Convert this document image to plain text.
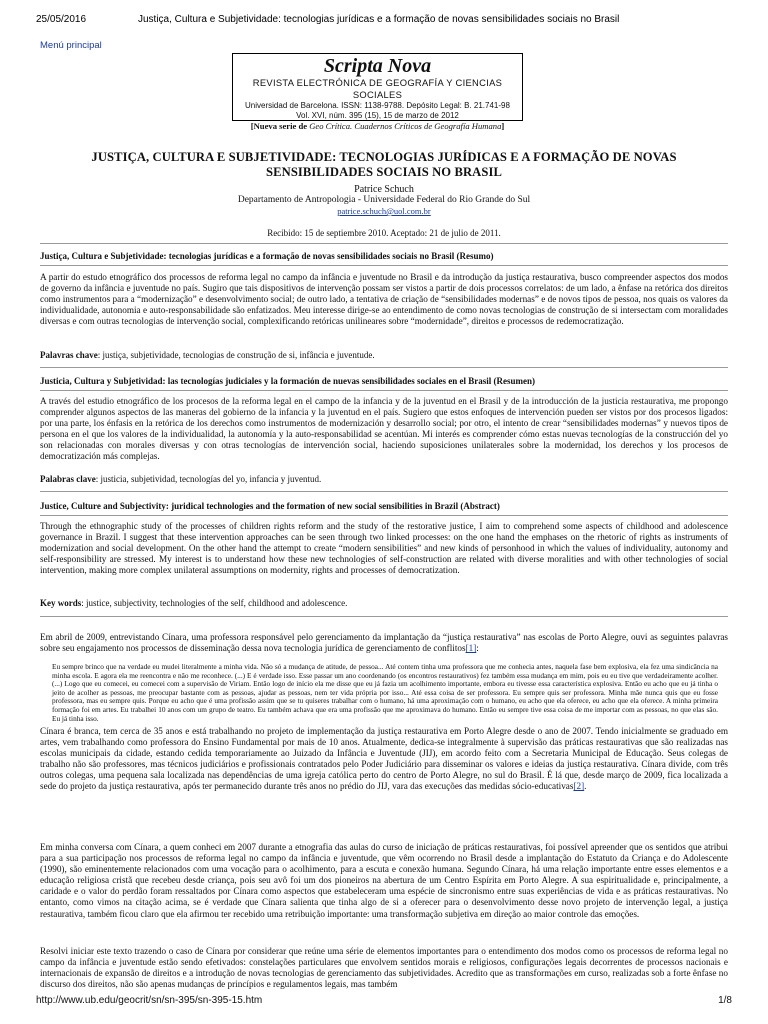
25/05/2016	Justiça, Cultura e Subjetividade: tecnologias jurídicas e a formação de novas sensibilidades sociais no Brasil
Menú principal
Scripta Nova
REVISTA ELECTRÓNICA DE GEOGRAFÍA Y CIENCIAS SOCIALES
Universidad de Barcelona. ISSN: 1138-9788. Depósito Legal: B. 21.741-98
Vol. XVI, núm. 395 (15), 15 de marzo de 2012
[Nueva serie de Geo Crítica. Cuadernos Críticos de Geografía Humana]
JUSTIÇA, CULTURA E SUBJETIVIDADE: TECNOLOGIAS JURÍDICAS E A FORMAÇÃO DE NOVAS SENSIBILIDADES SOCIAIS NO BRASIL
Patrice Schuch
Departamento de Antropologia - Universidade Federal do Rio Grande do Sul
patrice.schuch@uol.com.br
Recibido: 15 de septiembre 2010. Aceptado: 21 de julio de 2011.
Justiça, Cultura e Subjetividade: tecnologias jurídicas e a formação de novas sensibilidades sociais no Brasil (Resumo)
A partir do estudo etnográfico dos processos de reforma legal no campo da infância e juventude no Brasil e da introdução da justiça restaurativa, busco compreender aspectos dos modos de governo da infância e juventude no país. Sugiro que tais dispositivos de intervenção possam ser vistos a partir de dois processos correlatos: de um lado, a ênfase na retórica dos direitos como instrumentos para a “modernização” e desenvolvimento social; de outro lado, a tentativa de criação de “sensibilidades modernas” e de novos tipos de pessoa, nos quais os valores da individualidade, autonomia e auto-responsabilidade são enfatizados. Meu interesse dirige-se ao entendimento de como novas tecnologias de construção de si intersectam com moralidades diversas e com outras tecnologias de intervenção social, complexificando retóricas unilineares sobre “modernidade”, direitos e processos de redemocratização.
Palavras chave: justiça, subjetividade, tecnologias de construção de si, infância e juventude.
Justicia, Cultura y Subjetividad: las tecnologías judiciales y la formación de nuevas sensibilidades sociales en el Brasil (Resumen)
A través del estudio etnográfico de los procesos de la reforma legal en el campo de la infancia y de la juventud en el Brasil y de la introducción de la justicia restaurativa, me propongo comprender algunos aspectos de las maneras del gobierno de la infancia y la juventud en el país. Sugiero que estos enfoques de intervención pueden ser vistos por dos procesos ligados: por una parte, los énfasis en la retórica de los derechos como instrumentos de modernización y desarrollo social; por otro, el intento de crear “sensibilidades modernas” y nuevos tipos de persona en el que los valores de la individualidad, la autonomía y la auto-responsabilidad se acentúan. Mi interés es comprender cómo estas nuevas tecnologías de la construcción del yo son relacionadas con morales diversas y con otras tecnologías de intervención social, haciendo suposiciones unilaterales sobre la modernidad, los derechos y los procesos de democratización más complejas.
Palabras clave: justicia, subjetividad, tecnologías del yo, infancia y juventud.
Justice, Culture and Subjectivity: juridical technologies and the formation of new social sensibilities in Brazil (Abstract)
Through the ethnographic study of the processes of children rights reform and the study of the restorative justice, I aim to comprehend some aspects of childhood and adolescence governance in Brazil. I suggest that these intervention approaches can be seen through two linked processes: on the one hand the emphases on the rhetoric of rights as instruments of modernization and social development. On the other hand the attempt to create “modern sensibilities” and new kinds of personhood in which the values of individuality, autonomy and self-responsibility are stressed. My interest is to understand how these new technologies of self-construction are related with diverse moralities and with other technologies of social intervention, making more complex unilateral assumptions on modernity, rights and processes of democratization.
Key words: justice, subjectivity, technologies of the self, childhood and adolescence.
Em abril de 2009, entrevistando Cínara, uma professora responsável pelo gerenciamento da implantação da “justiça restaurativa” nas escolas de Porto Alegre, ouvi as seguintes palavras sobre seu engajamento nos processos de disseminação dessa nova tecnologia jurídica de gerenciamento de conflitos[1]:
Eu sempre brinco que na verdade eu mudei literalmente a minha vida. Não só a mudança de atitude, de pessoa... Até contem tinha uma professora que me conhecia antes, naquela fase bem explosiva, ela fez uma sindicância na minha escola. E agora ela me reencontra e não me reconhece. (...) E é verdade isso. Esse passar um ano coordenando (os encontros restaurativos) fez também essa mudança em mim, pois eu eu tive que verdadeiramente acolher. (...) Logo que eu comecei, eu comecei com a supervisão de Viriam. Então logo de início ela me disse que eu já fazia um acolhimento importante, embora eu tivesse essa característica explosiva. Então eu acho que eu já tinha o jeito de acolher as pessoas, me preocupar bastante com as pessoas, ajudar as pessoas, nem ter vida própria por isso... Até essa coisa de ser professora. Eu sempre quis ser professora. Minha mãe nunca quis que eu fosse professora, mas eu sempre quis. Porque eu acho que é uma profissão assim que se tu quiseres trabalhar com o humano, há uma aproximação com o humano, eu acho que ela oferece, eu acho que ela oferece. A minha primeira formação foi em artes. Eu trabalhei 10 anos com um grupo de teatro. Eu também achava que era uma profissão que me aproximava do humano. Então eu sempre tive essa coisa de me importar com as pessoas, no que elas são. Eu já tinha isso.
Cínara é branca, tem cerca de 35 anos e está trabalhando no projeto de implementação da justiça restaurativa em Porto Alegre desde o ano de 2007. Tendo inicialmente se graduado em artes, vem trabalhando como professora do Ensino Fundamental por mais de 10 anos. Atualmente, dedica-se integralmente à supervisão das práticas restaurativas que são realizadas nas escolas municipais da cidade, estando cedida temporariamente ao Juizado da Infância e Juventude (JIJ), em acordo feito com a Secretaria Municipal de Educação. Seus colegas de trabalho não são professores, mas técnicos judiciários e profissionais contratados pelo Poder Judiciário para disseminar os valores e ideias da justiça restaurativa. Cínara divide, com três outros colegas, uma pequena sala localizada nas dependências de uma igreja católica perto do centro de Porto Alegre, no sul do Brasil. É lá que, desde março de 2009, fica localizada a sede do projeto da justiça restaurativa, após ter permanecido durante três anos no prédio do JIJ, vara das execuções das medidas sócio-educativas[2].
Em minha conversa com Cínara, a quem conheci em 2007 durante a etnografia das aulas do curso de iniciação de práticas restaurativas, foi possível apreender que os sentidos que atribui para a sua participação nos processos de reforma legal no campo da infância e juventude, que vêm ocorrendo no Brasil desde a implantação do Estatuto da Criança e do Adolescente (1990), são eminentemente relacionados com uma vocação para o acolhimento, para a escuta e conexão humana. Segundo Cínara, há uma relação importante entre esses elementos e a educação religiosa cristã que recebeu desde criança, pois seu avô foi um dos pioneiros na abertura de um Centro Espírita em Porto Alegre. A sua espiritualidade e, principalmente, a caridade e o valor do perdão foram ressaltados por Cínara como aspectos que estabeleceram uma espécie de sincronismo entre suas experiências de vida e as práticas restaurativas. No entanto, como vimos na citação acima, se é verdade que Cínara salienta que tinha algo de si a oferecer para o desenvolvimento desse novo projeto de intervenção legal, a justiça restaurativa, também ficou claro que ela afirmou ter recebido uma retribuição importante: uma transformação subjetiva em direção ao maior controle das emoções.
Resolvi iniciar este texto trazendo o caso de Cínara por considerar que reúne uma série de elementos importantes para o entendimento dos modos como os processos de reforma legal no campo da infância e juventude estão sendo efetivados: constelações particulares que envolvem sentidos morais e religiosos, configurações legais decorrentes de processos nacionais e internacionais de expansão de direitos e a introdução de novas tecnologias de gerenciamento das subjetividades. Acredito que as transformações em curso, realizadas sob a forte ênfase no discurso dos direitos, não são apenas mudanças de princípios e regulamentos legais, mas também
http://www.ub.edu/geocrit/sn/sn-395/sn-395-15.htm	1/8
